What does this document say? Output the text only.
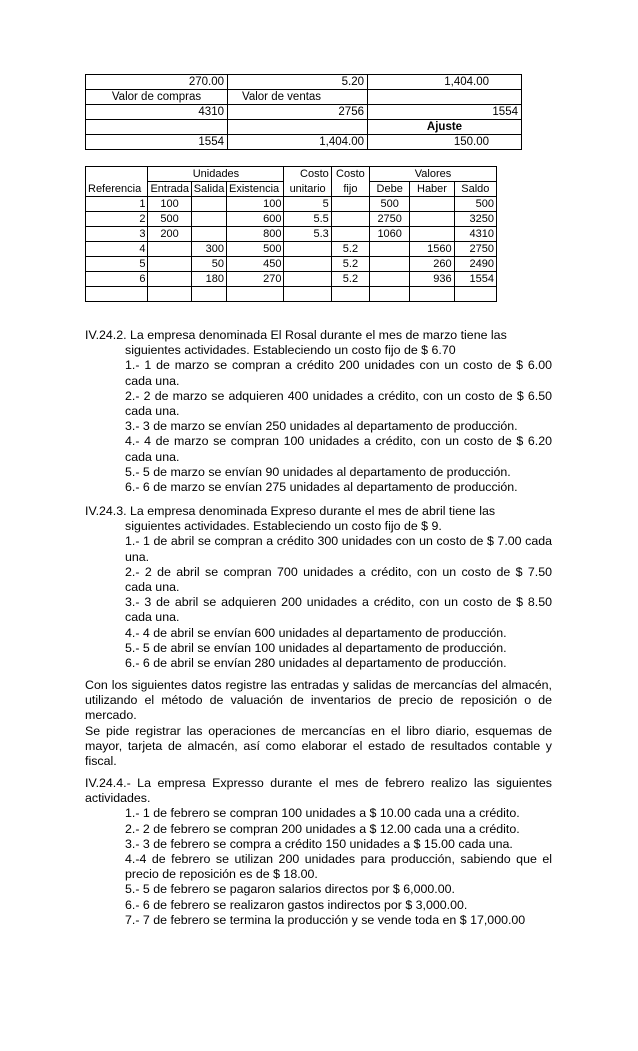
270.00	5.20	1,404.00
Valor de compras	Valor de ventas	
4310	2756	1554
		Ajuste
1554	1,404.00	150.00
	Unidades			Costo	Costo	Valores		
Referencia	Entrada	Salida	Existencia	unitario	fijo	Debe	Haber	Saldo
1	100		100	5		500		500
2	500		600	5.5		2750		3250
3	200		800	5.3		1060		4310
4		300	500		5.2		1560	2750
5		50	450		5.2		260	2490
6		180	270		5.2		936	1554

IV.24.2. La empresa denominada El Rosal durante el mes de marzo tiene las

siguientes actividades. Estableciendo un costo fijo de $ 6.70

1.- 1 de marzo se compran a crédito 200 unidades con un costo de $ 6.00 cada una.

2.- 2 de marzo se adquieren 400 unidades a crédito, con un costo de $ 6.50 cada una.

3.- 3 de marzo se envían 250 unidades al departamento de producción.

4.- 4 de marzo se compran 100 unidades a crédito, con un costo de $ 6.20 cada una.

5.- 5 de marzo se envían 90 unidades al departamento de producción.

6.- 6 de marzo se envían 275 unidades al departamento de producción.

IV.24.3. La empresa denominada Expreso durante el mes de abril tiene las

siguientes actividades. Estableciendo un costo fijo de $ 9.

1.- 1 de abril se compran a crédito 300 unidades con un costo de $ 7.00 cada una.

2.- 2 de abril se compran 700 unidades a crédito, con un costo de $ 7.50 cada una.

3.- 3 de abril se adquieren 200 unidades a crédito, con un costo de $ 8.50 cada una.

4.- 4 de abril se envían 600 unidades al departamento de producción.

5.- 5 de abril se envían 100 unidades al departamento de producción.

6.- 6 de abril se envían 280 unidades al departamento de producción.

Con los siguientes datos registre las entradas y salidas de mercancías del almacén, utilizando el método de valuación de inventarios de precio de reposición o de mercado.

Se pide registrar las operaciones de mercancías en el libro diario, esquemas de mayor, tarjeta de almacén, así como elaborar el estado de resultados contable y fiscal.

IV.24.4.- La empresa Expresso durante el mes de febrero realizo las siguientes actividades.

1.- 1 de febrero se compran 100 unidades a $ 10.00 cada una a crédito.

2.- 2 de febrero se compran 200 unidades a $ 12.00 cada una a crédito.

3.- 3 de febrero se compra a crédito 150 unidades a $ 15.00 cada una.

4.-4 de febrero se utilizan 200 unidades para producción, sabiendo que el precio de reposición es de $ 18.00.

5.- 5 de febrero se pagaron salarios directos por $ 6,000.00.

6.- 6 de febrero se realizaron gastos indirectos por $ 3,000.00.

7.- 7 de febrero se termina la producción y se vende toda en $ 17,000.00
